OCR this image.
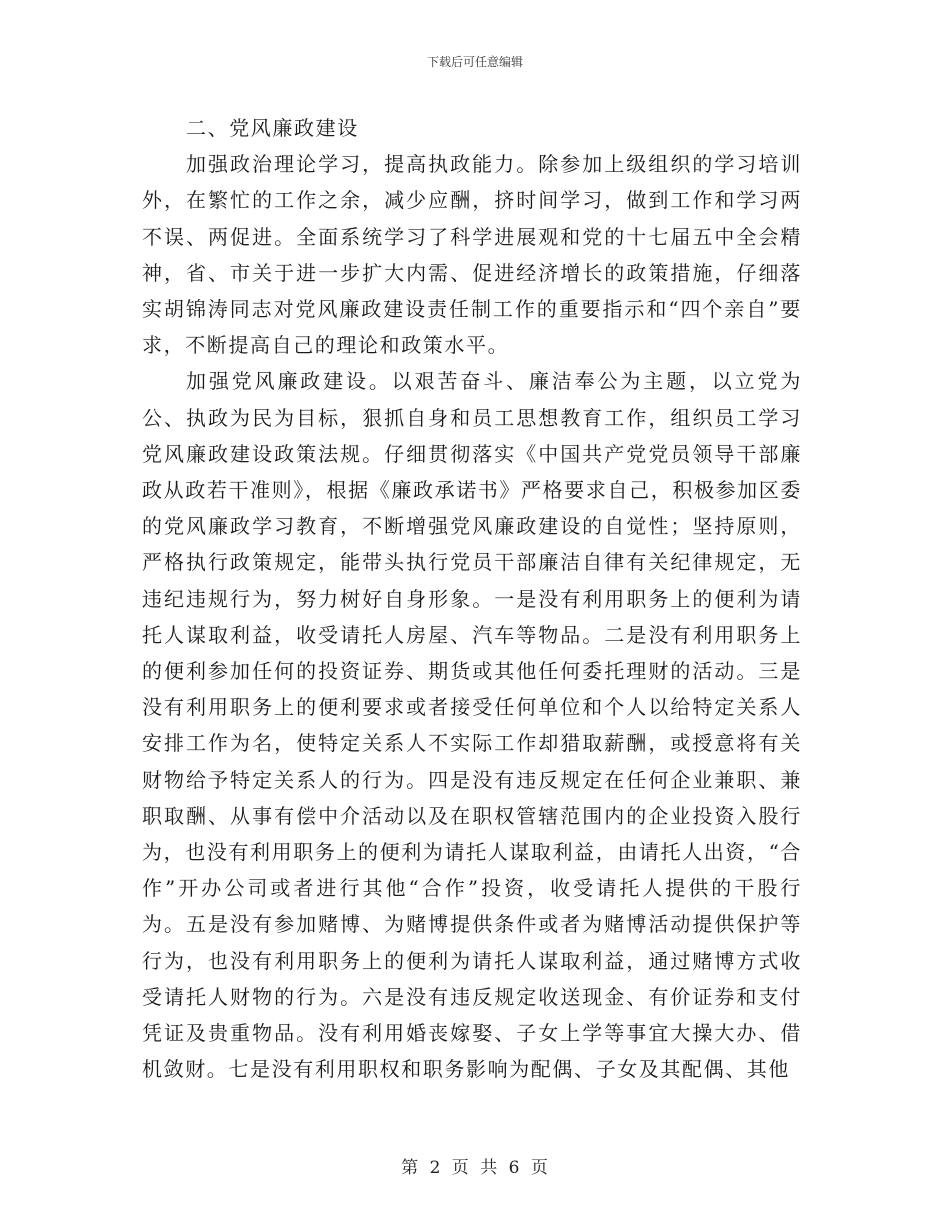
下载后可任意编辑

二、党风廉政建设

加强政治理论学习，提高执政能力。除参加上级组织的学习培训外，在繁忙的工作之余，减少应酬，挤时间学习，做到工作和学习两不误、两促进。全面系统学习了科学进展观和党的十七届五中全会精神，省、市关于进一步扩大内需、促进经济增长的政策措施，仔细落实胡锦涛同志对党风廉政建设责任制工作的重要指示和“四个亲自”要求，不断提高自己的理论和政策水平。

加强党风廉政建设。以艰苦奋斗、廉洁奉公为主题，以立党为公、执政为民为目标，狠抓自身和员工思想教育工作，组织员工学习党风廉政建设政策法规。仔细贯彻落实《中国共产党党员领导干部廉政从政若干准则》，根据《廉政承诺书》严格要求自己，积极参加区委的党风廉政学习教育，不断增强党风廉政建设的自觉性；坚持原则，严格执行政策规定，能带头执行党员干部廉洁自律有关纪律规定，无违纪违规行为，努力树好自身形象。一是没有利用职务上的便利为请托人谋取利益，收受请托人房屋、汽车等物品。二是没有利用职务上的便利参加任何的投资证券、期货或其他任何委托理财的活动。三是没有利用职务上的便利要求或者接受任何单位和个人以给特定关系人安排工作为名，使特定关系人不实际工作却猎取薪酬，或授意将有关财物给予特定关系人的行为。四是没有违反规定在任何企业兼职、兼职取酬、从事有偿中介活动以及在职权管辖范围内的企业投资入股行为，也没有利用职务上的便利为请托人谋取利益，由请托人出资，“合作”开办公司或者进行其他“合作”投资，收受请托人提供的干股行为。五是没有参加赌博、为赌博提供条件或者为赌博活动提供保护等行为，也没有利用职务上的便利为请托人谋取利益，通过赌博方式收受请托人财物的行为。六是没有违反规定收送现金、有价证券和支付凭证及贵重物品。没有利用婚丧嫁娶、子女上学等事宜大操大办、借机敛财。七是没有利用职权和职务影响为配偶、子女及其配偶、其他

第 2 页 共 6 页
